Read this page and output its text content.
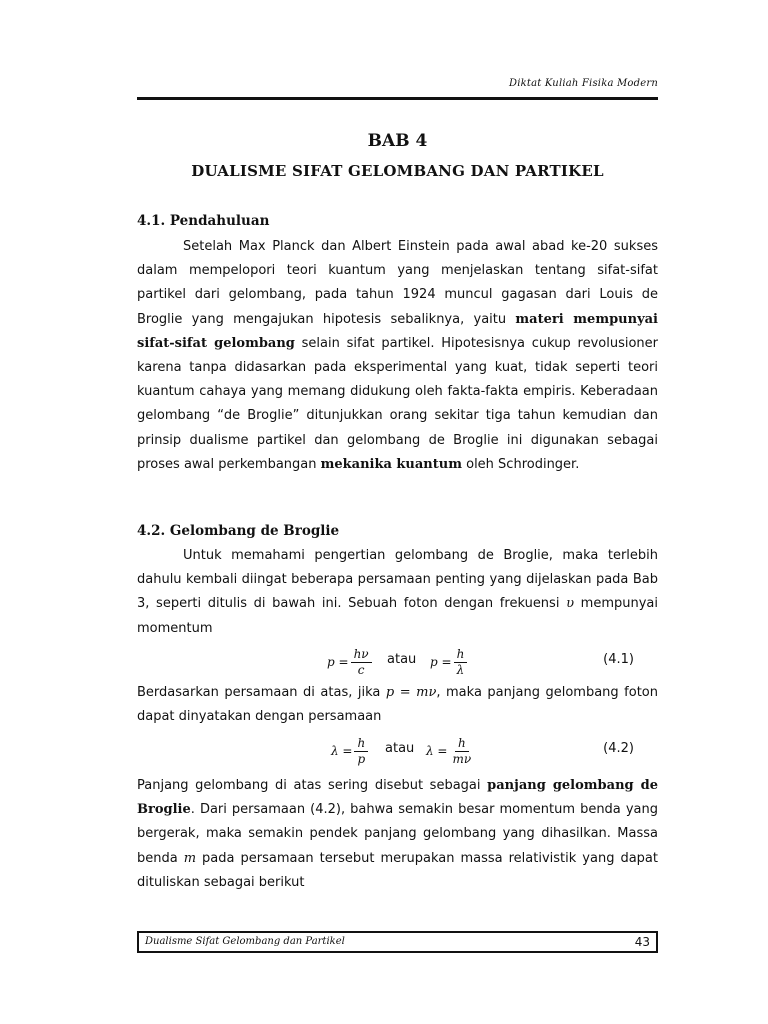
Diktat Kuliah Fisika Modern
BAB 4
DUALISME SIFAT GELOMBANG DAN PARTIKEL
4.1. Pendahuluan

Setelah Max Planck dan Albert Einstein pada awal abad ke-20 sukses dalam mempelopori teori kuantum yang menjelaskan tentang sifat-sifat partikel dari gelombang, pada tahun 1924 muncul gagasan dari Louis de Broglie yang mengajukan hipotesis sebaliknya, yaitu materi mempunyai sifat-sifat gelombang selain sifat partikel. Hipotesisnya cukup revolusioner karena tanpa didasarkan pada eksperimental yang kuat, tidak seperti teori kuantum cahaya yang memang didukung oleh fakta-fakta empiris. Keberadaan gelombang “de Broglie” ditunjukkan orang sekitar tiga tahun kemudian dan prinsip dualisme partikel dan gelombang de Broglie ini digunakan sebagai proses awal perkembangan mekanika kuantum oleh Schrodinger.

4.2. Gelombang de Broglie

Untuk memahami pengertian gelombang de Broglie, maka terlebih dahulu kembali diingat beberapa persamaan penting yang dijelaskan pada Bab 3, seperti ditulis di bawah ini. Sebuah foton dengan frekuensi υ mempunyai momentum

$p = \frac{h\nu}{c}$ atau $p = \frac{h}{\lambda}$	(4.1)

Berdasarkan persamaan di atas, jika p = mν, maka panjang gelombang foton dapat dinyatakan dengan persamaan

$\lambda = \frac{h}{p}$ atau $\lambda = \frac{h}{m\nu}$	(4.2)

Panjang gelombang di atas sering disebut sebagai panjang gelombang de Broglie. Dari persamaan (4.2), bahwa semakin besar momentum benda yang bergerak, maka semakin pendek panjang gelombang yang dihasilkan. Massa benda m pada persamaan tersebut merupakan massa relativistik yang dapat dituliskan sebagai berikut

Dualisme Sifat Gelombang dan Partikel	43
